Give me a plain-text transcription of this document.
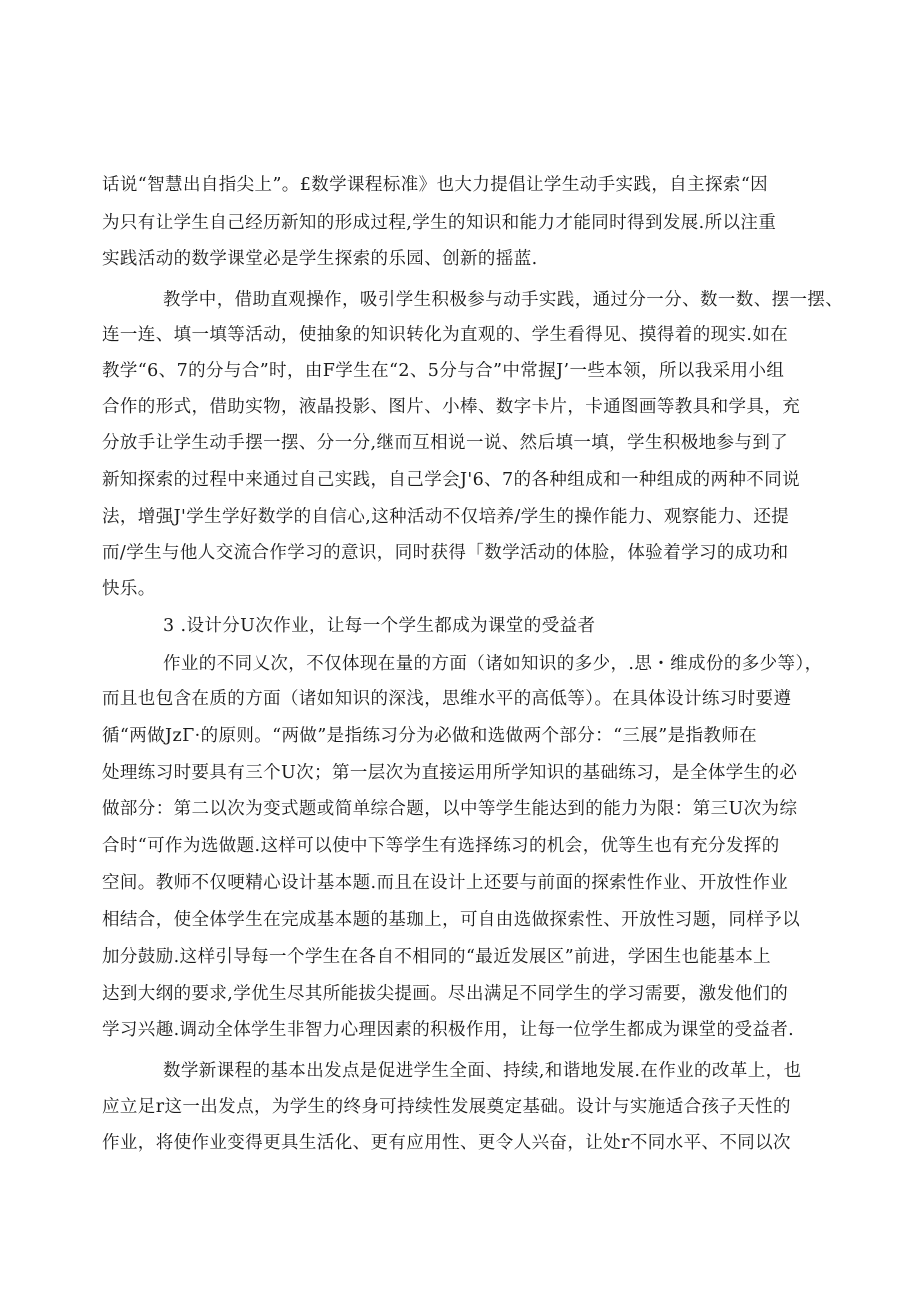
话说“智慧出自指尖上”。£数学课程标准》也大力提倡让学生动手实践，自主探索“因
为只有让学生自己经历新知的形成过程,学生的知识和能力才能同时得到发展.所以注重
实践活动的数学课堂必是学生探索的乐园、创新的摇蓝.
教学中，借助直观操作，吸引学生积极参与动手实践，通过分一分、数一数、摆一摆、
连一连、填一填等活动，使抽象的知识转化为直观的、学生看得见、摸得着的现实.如在
教学“6、7的分与合”时，由F学生在“2、5分与合”中常握J’一些本领，所以我采用小组
合作的形式，借助实物，液晶投影、图片、小棒、数字卡片，卡通图画等教具和学具，充
分放手让学生动手摆一摆、分一分,继而互相说一说、然后填一填，学生积极地参与到了
新知探索的过程中来通过自己实践，自己学会J'6、7的各种组成和一种组成的两种不同说
法，增强J'学生学好数学的自信心,这种活动不仅培养/学生的操作能力、观察能力、还提
而/学生与他人交流合作学习的意识，同时获得「数学活动的体脸，体验着学习的成功和
快乐。
3 .设计分U次作业，让每一个学生都成为课堂的受益者
作业的不同乂次，不仅体现在量的方面（诸如知识的多少，.思・维成份的多少等），
而且也包含在质的方面（诸如知识的深浅，思维水平的高低等）。在具体设计练习时要遵
循“两做JzΓ·的原则。“两做”是指练习分为必做和选做两个部分：“三展”是指教师在
处理练习时要具有三个U次；第一层次为直接运用所学知识的基础练习，是全体学生的必
做部分：第二以次为变式题或简单综合题，以中等学生能达到的能力为限：第三U次为综
合时“可作为选做题.这样可以使中下等学生有选择练习的机会，优等生也有充分发挥的
空间。教师不仅哽精心设计基本题.而且在设计上还要与前面的探索性作业、开放性作业
相结合，使全体学生在完成基本题的基珈上，可自由选做探索性、开放性习题，同样予以
加分鼓励.这样引导每一个学生在各自不相同的“最近发展区”前进，学困生也能基本上
达到大纲的要求,学优生尽其所能拔尖提画。尽出满足不同学生的学习需要，激发他们的
学习兴趣.调动全体学生非智力心理因素的积极作用，让每一位学生都成为课堂的受益者.
数学新课程的基本出发点是促进学生全面、持续,和谐地发展.在作业的改革上，也
应立足r这一出发点，为学生的终身可持续性发展奠定基础。设计与实施适合孩子天性的
作业，将使作业变得更具生活化、更有应用性、更令人兴奋，让处r不同水平、不同以次
